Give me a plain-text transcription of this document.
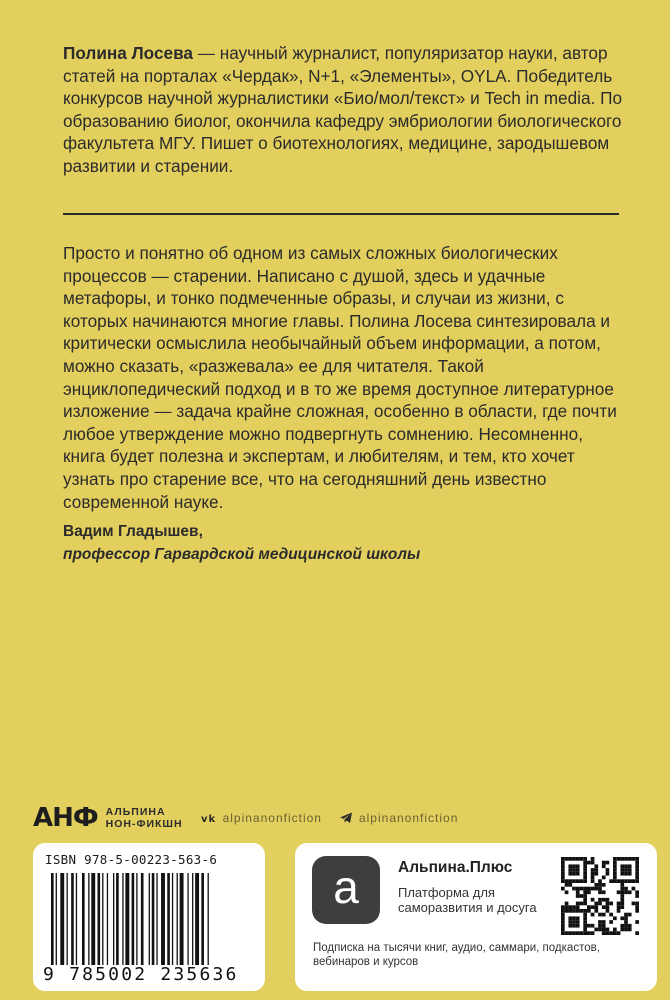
Полина Лосева — научный журналист, популяризатор науки, автор статей на порталах «Чердак», N+1, «Элементы», OYLA. Победитель конкурсов научной журналистики «Био/мол/текст» и Tech in media. По образованию биолог, окончила кафедру эмбриологии биологического факультета МГУ. Пишет о биотехнологиях, медицине, зародышевом развитии и старении.
Просто и понятно об одном из самых сложных биологических процессов — старении. Написано с душой, здесь и удачные метафоры, и тонко подмеченные образы, и случаи из жизни, с которых начинаются многие главы. Полина Лосева синтезировала и критически осмыслила необычайный объем информации, а потом, можно сказать, «разжевала» ее для читателя. Такой энциклопедический подход и в то же время доступное литературное изложение — задача крайне сложная, особенно в области, где почти любое утверждение можно подвергнуть сомнению. Несомненно, книга будет полезна и экспертам, и любителям, и тем, кто хочет узнать про старение все, что на сегодняшний день известно современной науке.
Вадим Гладышев,
профессор Гарвардской медицинской школы
АНФ АЛЬПИНА
НОН-ФИКШН vk alpinanonfiction	alpinanonfiction
ISBN 978-5-00223-563-6
9 785002 235636
a	Альпина.Плюс
Платформа для саморазвития и досуга
Подписка на тысячи книг, аудио, саммари, подкастов, вебинаров и курсов
